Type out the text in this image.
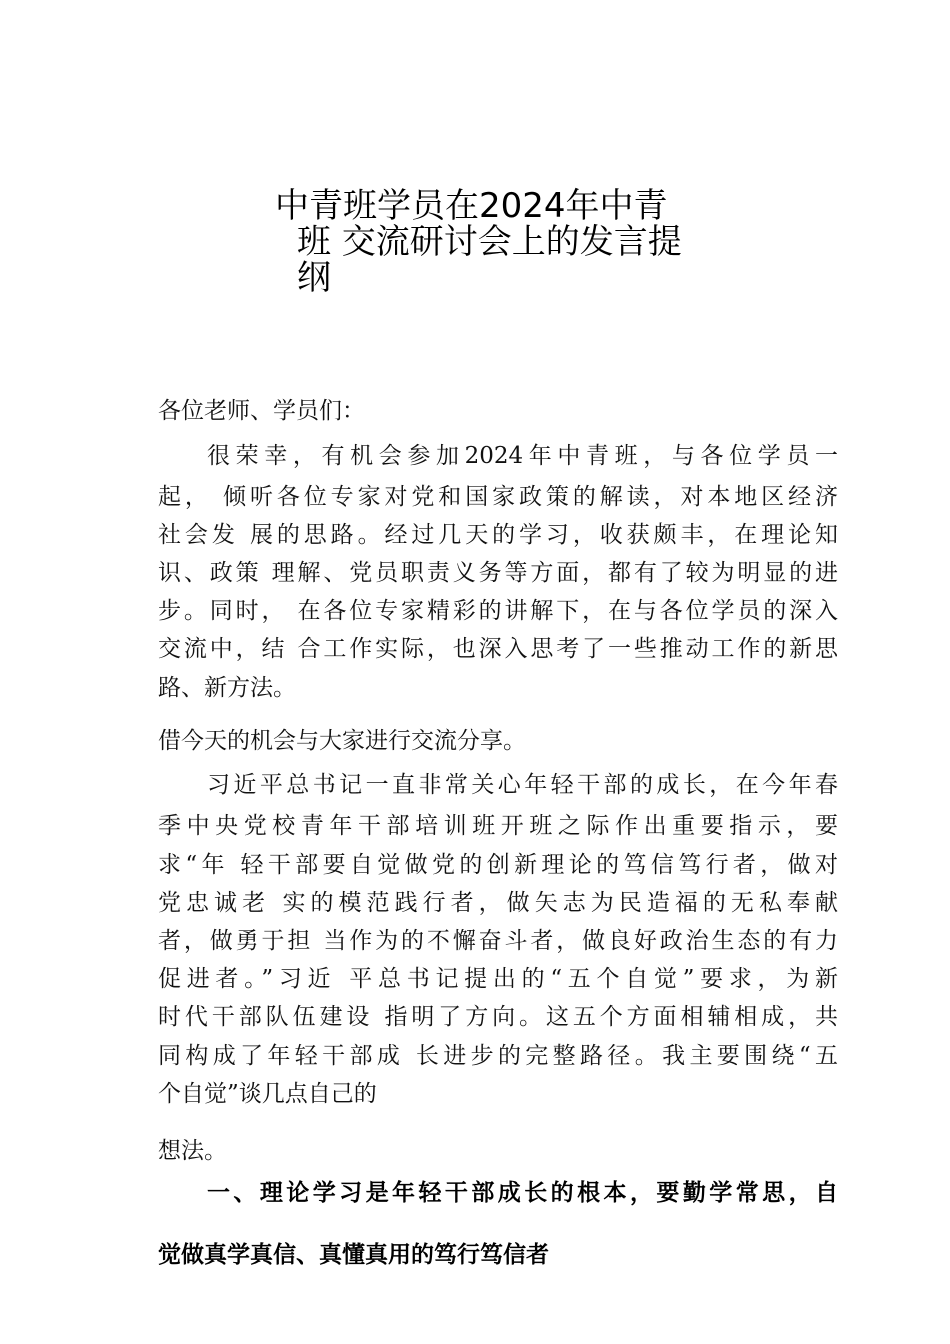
中青班学员在2024年中青
班 交流研讨会上的发言提
纲
各位老师、学员们：
很荣幸，有机会参加2024年中青班，与各位学员一
起， 倾听各位专家对党和国家政策的解读，对本地区经济
社会发 展的思路。经过几天的学习，收获颇丰，在理论知
识、政策 理解、党员职责义务等方面，都有了较为明显的进
步。同时， 在各位专家精彩的讲解下，在与各位学员的深入
交流中，结 合工作实际，也深入思考了一些推动工作的新思
路、新方法。
借今天的机会与大家进行交流分享。
习近平总书记一直非常关心年轻干部的成长，在今年春
季中央党校青年干部培训班开班之际作出重要指示，要
求“年 轻干部要自觉做党的创新理论的笃信笃行者，做对
党忠诚老 实的模范践行者，做矢志为民造福的无私奉献
者，做勇于担 当作为的不懈奋斗者，做良好政治生态的有力
促进者。”习近 平总书记提出的“五个自觉”要求，为新
时代干部队伍建设 指明了方向。这五个方面相辅相成，共
同构成了年轻干部成 长进步的完整路径。我主要围绕“五
个自觉”谈几点自己的
想法。
一、理论学习是年轻干部成长的根本，要勤学常思，自
觉做真学真信、真懂真用的笃行笃信者
